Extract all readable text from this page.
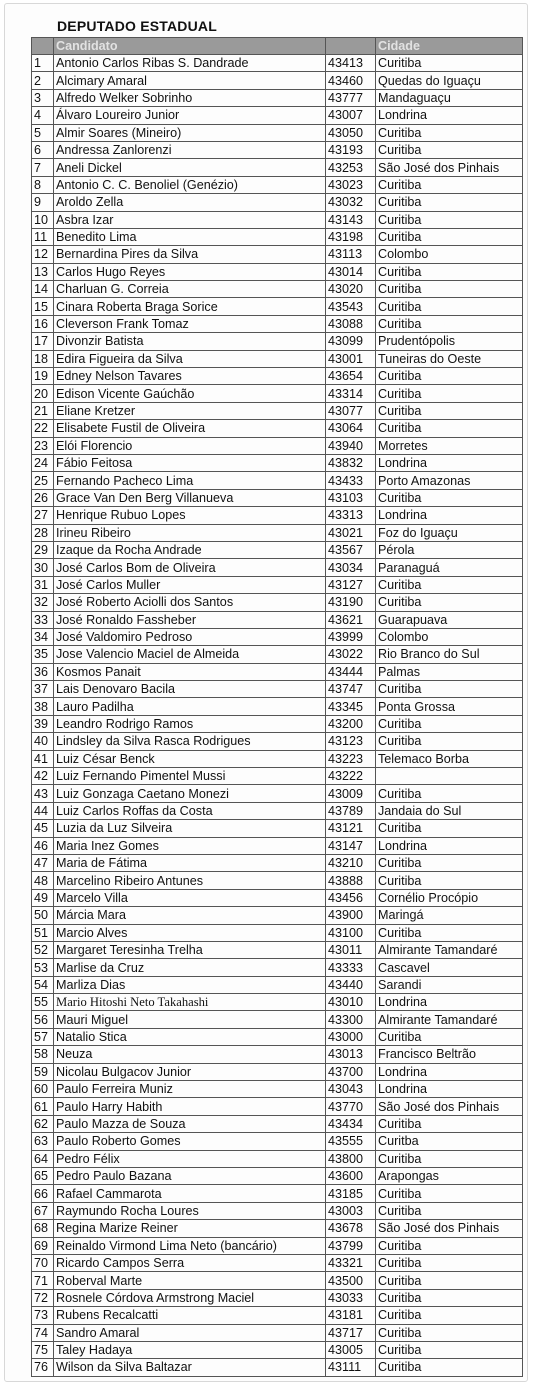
DEPUTADO ESTADUAL
	Candidato		Cidade
1	Antonio Carlos Ribas S. Dandrade	43413	Curitiba
2	Alcimary Amaral	43460	Quedas do Iguaçu
3	Alfredo Welker Sobrinho	43777	Mandaguaçu
4	Álvaro Loureiro Junior	43007	Londrina
5	Almir Soares (Mineiro)	43050	Curitiba
6	Andressa Zanlorenzi	43193	Curitiba
7	Aneli Dickel	43253	São José dos Pinhais
8	Antonio C. C. Benoliel (Genézio)	43023	Curitiba
9	Aroldo Zella	43032	Curitiba
10	Asbra Izar	43143	Curitiba
11	Benedito Lima	43198	Curitiba
12	Bernardina Pires da Silva	43113	Colombo
13	Carlos Hugo Reyes	43014	Curitiba
14	Charluan G. Correia	43020	Curitiba
15	Cinara Roberta Braga Sorice	43543	Curitiba
16	Cleverson Frank Tomaz	43088	Curitiba
17	Divonzir Batista	43099	Prudentópolis
18	Edira Figueira da Silva	43001	Tuneiras do Oeste
19	Edney Nelson Tavares	43654	Curitiba
20	Edison Vicente Gaúchão	43314	Curitiba
21	Eliane Kretzer	43077	Curitiba
22	Elisabete Fustil de Oliveira	43064	Curitiba
23	Elói Florencio	43940	Morretes
24	Fábio Feitosa	43832	Londrina
25	Fernando Pacheco Lima	43433	Porto Amazonas
26	Grace Van Den Berg Villanueva	43103	Curitiba
27	Henrique Rubuo Lopes	43313	Londrina
28	Irineu Ribeiro	43021	Foz do Iguaçu
29	Izaque da Rocha Andrade	43567	Pérola
30	José Carlos Bom de Oliveira	43034	Paranaguá
31	José Carlos Muller	43127	Curitiba
32	José Roberto Aciolli dos Santos	43190	Curitiba
33	José Ronaldo Fassheber	43621	Guarapuava
34	José Valdomiro Pedroso	43999	Colombo
35	Jose Valencio Maciel de Almeida	43022	Rio Branco do Sul
36	Kosmos Panait	43444	Palmas
37	Lais Denovaro Bacila	43747	Curitiba
38	Lauro Padilha	43345	Ponta Grossa
39	Leandro Rodrigo Ramos	43200	Curitiba
40	Lindsley da Silva Rasca Rodrigues	43123	Curitiba
41	Luiz César Benck	43223	Telemaco Borba
42	Luiz Fernando Pimentel Mussi	43222	
43	Luiz Gonzaga Caetano Monezi	43009	Curitiba
44	Luiz Carlos Roffas da Costa	43789	Jandaia do Sul
45	Luzia da Luz Silveira	43121	Curitiba
46	Maria Inez Gomes	43147	Londrina
47	Maria de Fátima	43210	Curitiba
48	Marcelino Ribeiro Antunes	43888	Curitiba
49	Marcelo Villa	43456	Cornélio Procópio
50	Márcia Mara	43900	Maringá
51	Marcio Alves	43100	Curitiba
52	Margaret Teresinha Trelha	43011	Almirante Tamandaré
53	Marlise da Cruz	43333	Cascavel
54	Marliza Dias	43440	Sarandi
55	Mario Hitoshi Neto Takahashi	43010	Londrina
56	Mauri Miguel	43300	Almirante Tamandaré
57	Natalio Stica	43000	Curitiba
58	Neuza	43013	Francisco Beltrão
59	Nicolau Bulgacov Junior	43700	Londrina
60	Paulo Ferreira Muniz	43043	Londrina
61	Paulo Harry Habith	43770	São José dos Pinhais
62	Paulo Mazza de Souza	43434	Curitiba
63	Paulo Roberto Gomes	43555	Curitba
64	Pedro Félix	43800	Curitiba
65	Pedro Paulo Bazana	43600	Arapongas
66	Rafael Cammarota	43185	Curitiba
67	Raymundo Rocha Loures	43003	Curitiba
68	Regina Marize Reiner	43678	São José dos Pinhais
69	Reinaldo Virmond Lima Neto (bancário)	43799	Curitiba
70	Ricardo Campos Serra	43321	Curitiba
71	Roberval Marte	43500	Curitiba
72	Rosnele Córdova Armstrong Maciel	43033	Curitiba
73	Rubens Recalcatti	43181	Curitiba
74	Sandro Amaral	43717	Curitiba
75	Taley Hadaya	43005	Curitiba
76	Wilson da Silva Baltazar	43111	Curitiba
